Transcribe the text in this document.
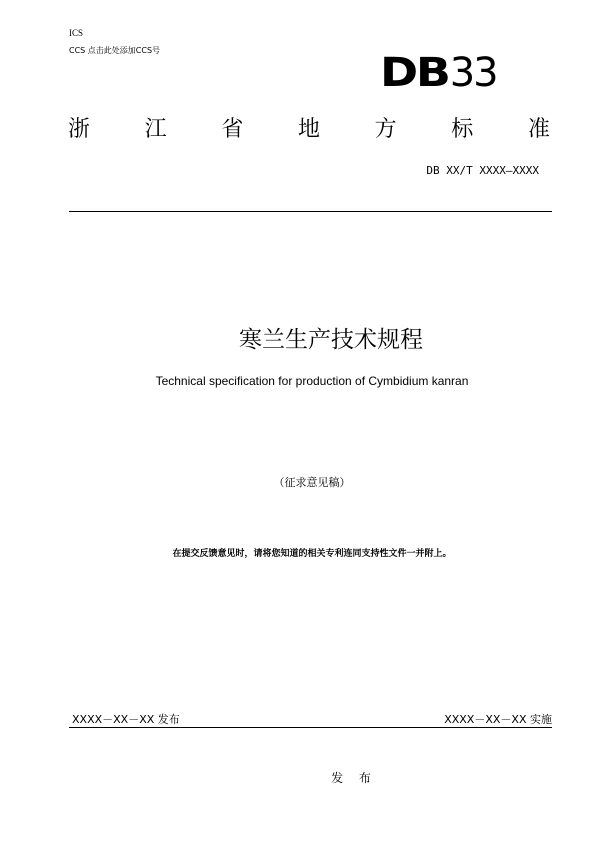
ICS
CCS 点击此处添加CCS号	DB33
浙 江 省 地 方 标 准
DB XX/T XXXX—XXXX
寒兰生产技术规程
Technical specification for production of Cymbidium kanran
（征求意见稿）
在提交反馈意见时，请将您知道的相关专利连同支持性文件一并附上。
XXXX－XX－XX 发布	XXXX－XX－XX 实施
发 布
